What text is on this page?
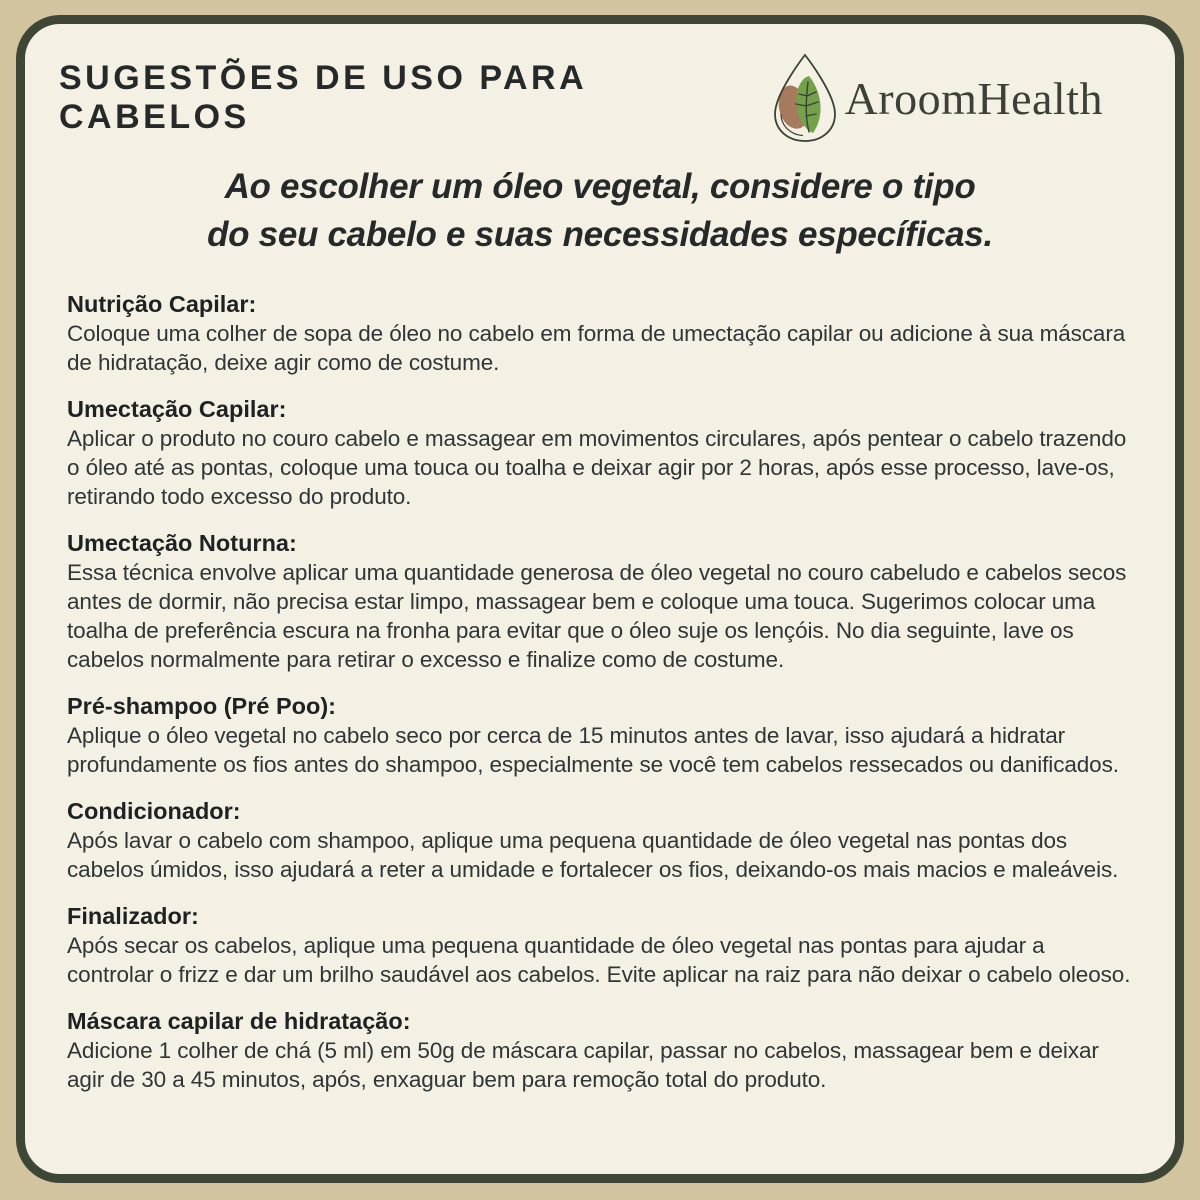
SUGESTÕES DE USO PARA CABELOS	AroomHealth
Ao escolher um óleo vegetal, considere o tipo
do seu cabelo e suas necessidades específicas.
Nutrição Capilar:

Coloque uma colher de sopa de óleo no cabelo em forma de umectação capilar ou adicione à sua máscara de hidratação, deixe agir como de costume.

Umectação Capilar:

Aplicar o produto no couro cabelo e massagear em movimentos circulares, após pentear o cabelo trazendo o óleo até as pontas, coloque uma touca ou toalha e deixar agir por 2 horas, após esse processo, lave-os, retirando todo excesso do produto.

Umectação Noturna:

Essa técnica envolve aplicar uma quantidade generosa de óleo vegetal no couro cabeludo e cabelos secos antes de dormir, não precisa estar limpo, massagear bem e coloque uma touca. Sugerimos colocar uma toalha de preferência escura na fronha para evitar que o óleo suje os lençóis. No dia seguinte, lave os cabelos normalmente para retirar o excesso e finalize como de costume.

Pré-shampoo (Pré Poo):

Aplique o óleo vegetal no cabelo seco por cerca de 15 minutos antes de lavar, isso ajudará a hidratar profundamente os fios antes do shampoo, especialmente se você tem cabelos ressecados ou danificados.

Condicionador:

Após lavar o cabelo com shampoo, aplique uma pequena quantidade de óleo vegetal nas pontas dos cabelos úmidos, isso ajudará a reter a umidade e fortalecer os fios, deixando-os mais macios e maleáveis.

Finalizador:

Após secar os cabelos, aplique uma pequena quantidade de óleo vegetal nas pontas para ajudar a controlar o frizz e dar um brilho saudável aos cabelos. Evite aplicar na raiz para não deixar o cabelo oleoso.

Máscara capilar de hidratação:

Adicione 1 colher de chá (5 ml) em 50g de máscara capilar, passar no cabelos, massagear bem e deixar agir de 30 a 45 minutos, após, enxaguar bem para remoção total do produto.
